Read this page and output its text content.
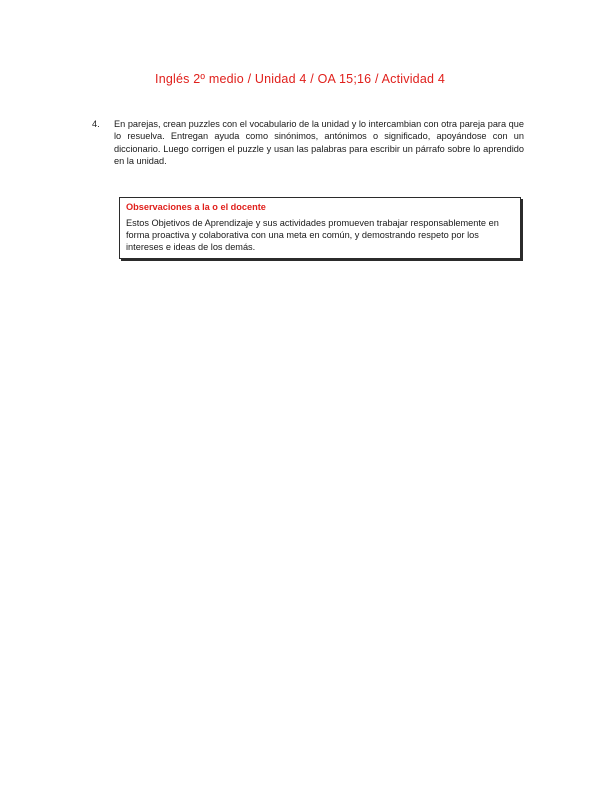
Inglés 2º medio / Unidad 4 / OA 15;16 / Actividad 4
4.	En parejas, crean puzzles con el vocabulario de la unidad y lo intercambian con otra pareja para que lo resuelva. Entregan ayuda como sinónimos, antónimos o significado, apoyándose con un diccionario. Luego corrigen el puzzle y usan las palabras para escribir un párrafo sobre lo aprendido en la unidad.
Observaciones a la o el docente
Estos Objetivos de Aprendizaje y sus actividades promueven trabajar responsablemente en forma proactiva y colaborativa con una meta en común, y demostrando respeto por los intereses e ideas de los demás.
